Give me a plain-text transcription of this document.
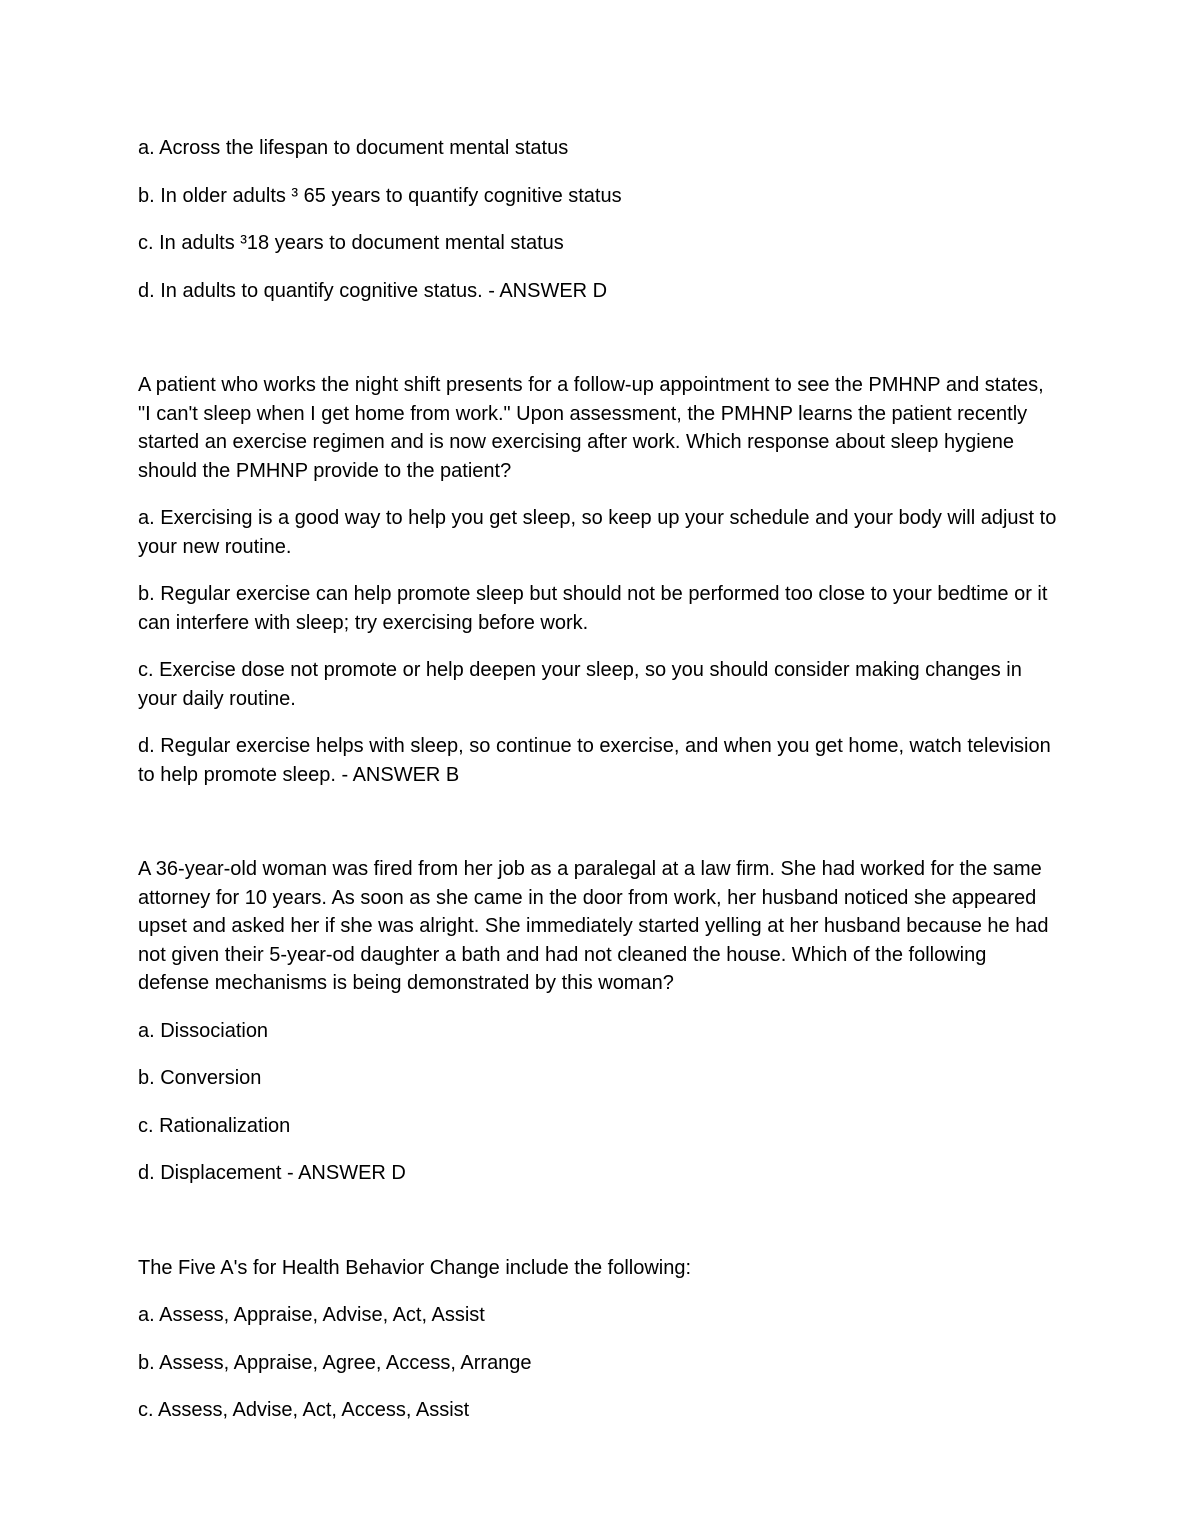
a. Across the lifespan to document mental status

b. In older adults ³ 65 years to quantify cognitive status

c. In adults ³18 years to document mental status

d. In adults to quantify cognitive status. - ANSWER D

A patient who works the night shift presents for a follow-up appointment to see the PMHNP and states, "I can't sleep when I get home from work." Upon assessment, the PMHNP learns the patient recently started an exercise regimen and is now exercising after work. Which response about sleep hygiene should the PMHNP provide to the patient?

a. Exercising is a good way to help you get sleep, so keep up your schedule and your body will adjust to your new routine.

b. Regular exercise can help promote sleep but should not be performed too close to your bedtime or it can interfere with sleep; try exercising before work.

c. Exercise dose not promote or help deepen your sleep, so you should consider making changes in your daily routine.

d. Regular exercise helps with sleep, so continue to exercise, and when you get home, watch television to help promote sleep. - ANSWER B

A 36-year-old woman was fired from her job as a paralegal at a law firm. She had worked for the same attorney for 10 years. As soon as she came in the door from work, her husband noticed she appeared upset and asked her if she was alright. She immediately started yelling at her husband because he had not given their 5-year-od daughter a bath and had not cleaned the house. Which of the following defense mechanisms is being demonstrated by this woman?

a. Dissociation

b. Conversion

c. Rationalization

d. Displacement - ANSWER D

The Five A's for Health Behavior Change include the following:

a. Assess, Appraise, Advise, Act, Assist

b. Assess, Appraise, Agree, Access, Arrange

c. Assess, Advise, Act, Access, Assist
